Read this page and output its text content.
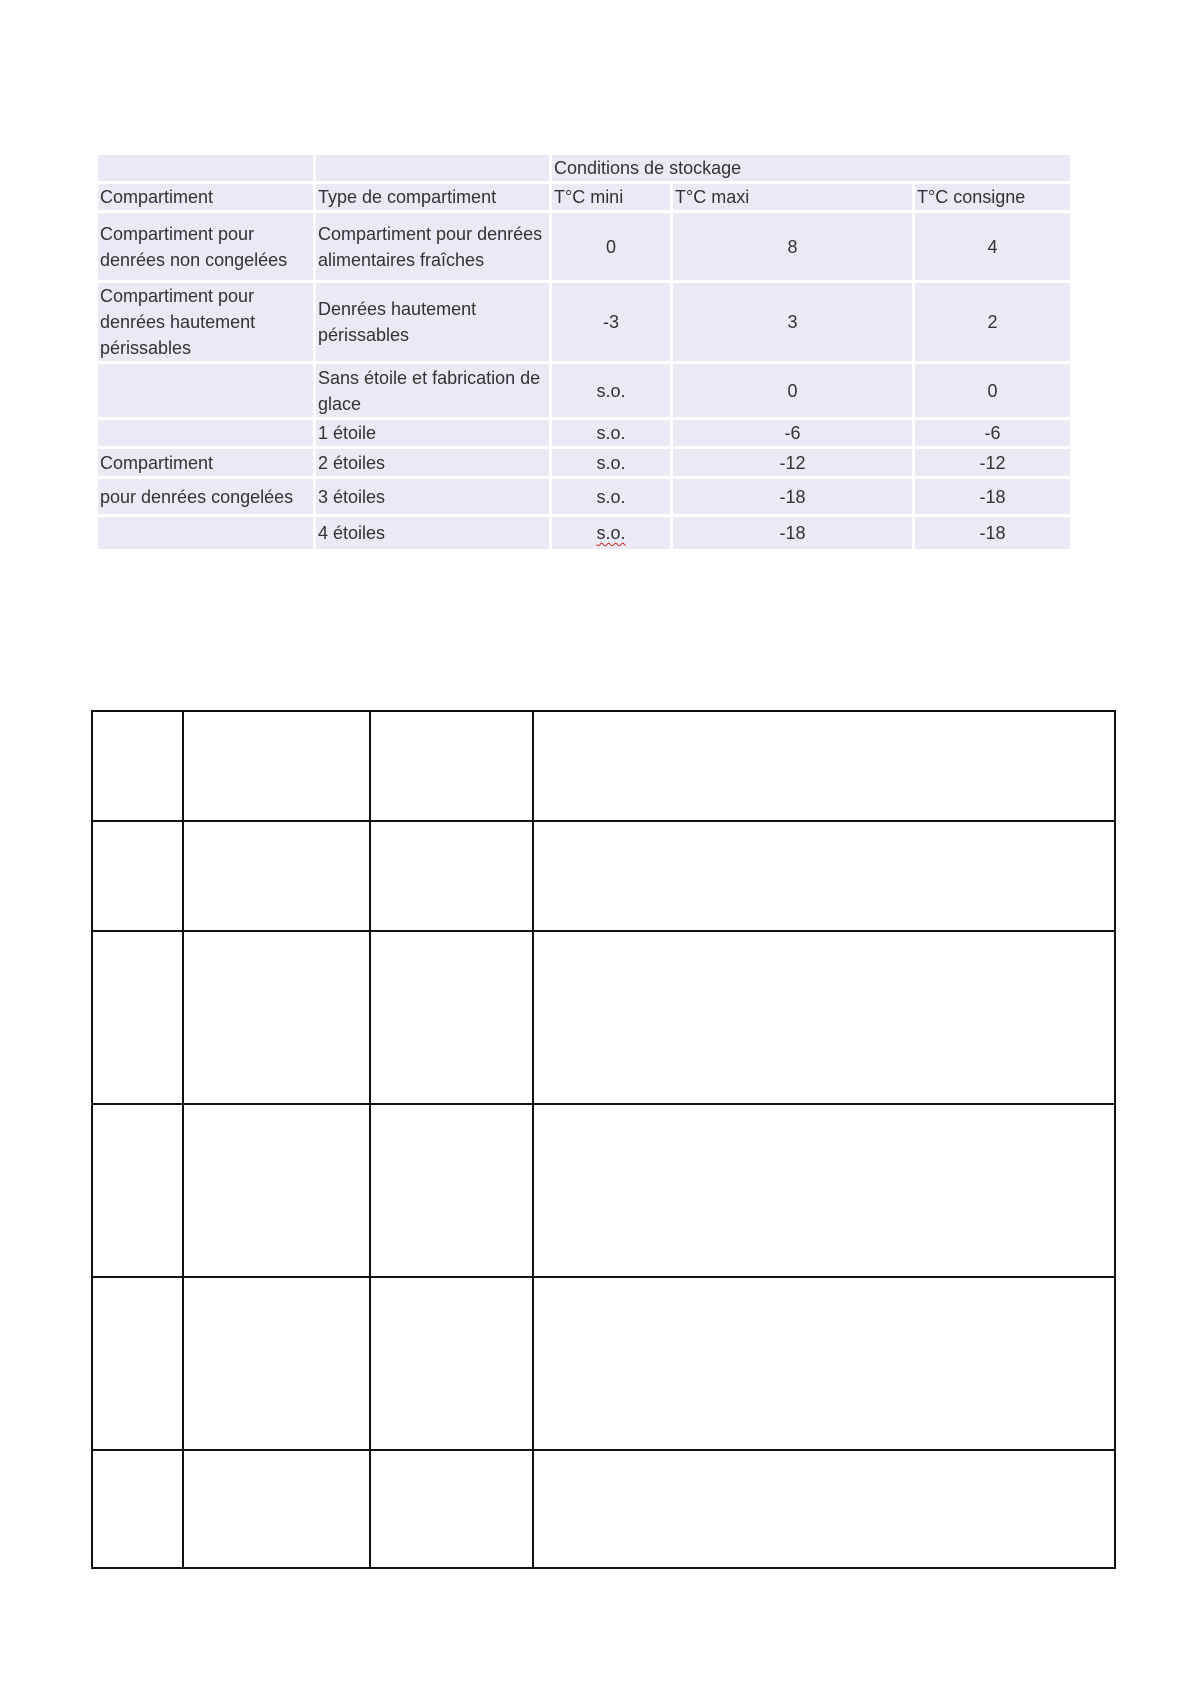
		Conditions de stockage		
Compartiment	Type de compartiment	T°C mini	T°C maxi	T°C consigne
Compartiment pour denrées non congelées	Compartiment pour denrées alimentaires fraîches	0	8	4
Compartiment pour denrées hautement périssables	Denrées hautement périssables	-3	3	2
	Sans étoile et fabrication de glace	s.o.	0	0
	1 étoile	s.o.	-6	-6
Compartiment	2 étoiles	s.o.	-12	-12
pour denrées congelées	3 étoiles	s.o.	-18	-18
	4 étoiles	s.o.	-18	-18
